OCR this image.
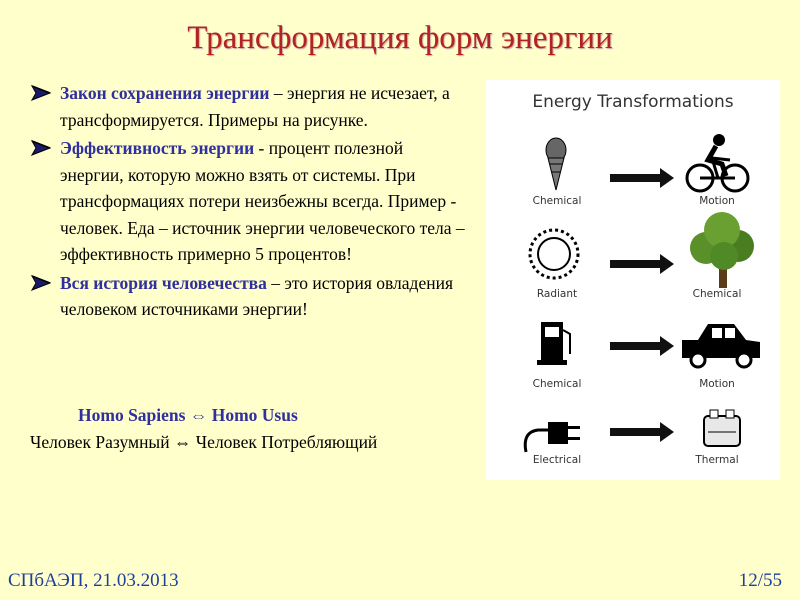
Трансформация форм энергии
Закон сохранения энергии – энергия не исчезает, а трансформируется. Примеры на рисунке.
Эффективность энергии - процент полезной энергии, которую можно взять от системы. При трансформациях потери неизбежны всегда. Пример - человек. Еда – источник энергии человеческого тела – эффективность примерно 5 процентов!
Вся история человечества – это история овладения человеком источниками энергии!
Homo Sapiens ⇔ Homo Usus
Человек Разумный ⇔ Человек Потребляющий
Energy Transformations
Chemical	Motion
Radiant	Chemical
Chemical	Motion
Electrical	Thermal
СПбАЭП, 21.03.2013	12/55
